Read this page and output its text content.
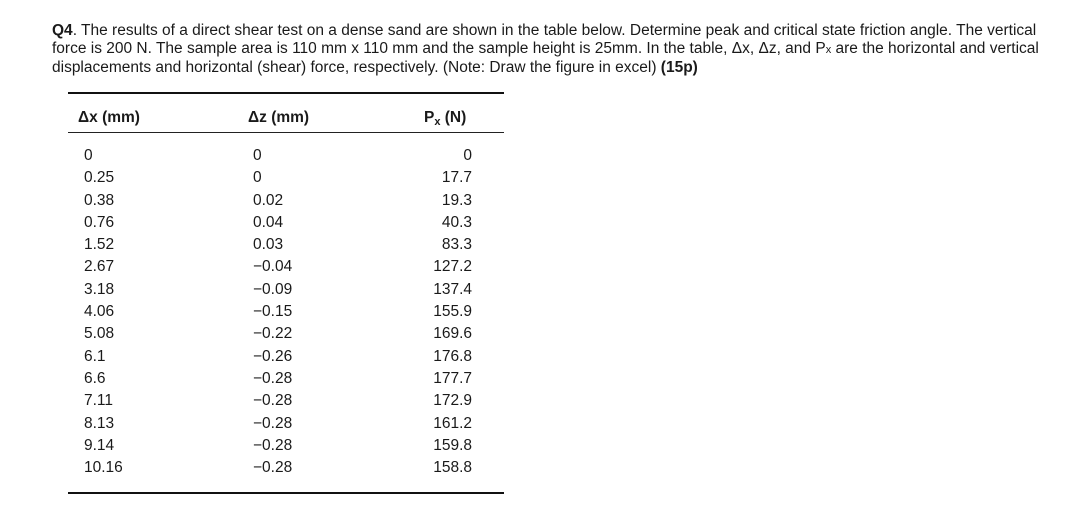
Q4. The results of a direct shear test on a dense sand are shown in the table below. Determine peak and critical state friction angle. The vertical force is 200 N. The sample area is 110 mm x 110 mm and the sample height is 25mm. In the table, Δx, Δz, and Px are the horizontal and vertical displacements and horizontal (shear) force, respectively. (Note: Draw the figure in excel) (15p)
Δx (mm)	Δz (mm)	Px (N)
0	0	0
0.25	0	17.7
0.38	0.02	19.3
0.76	0.04	40.3
1.52	0.03	83.3
2.67	−0.04	127.2
3.18	−0.09	137.4
4.06	−0.15	155.9
5.08	−0.22	169.6
6.1	−0.26	176.8
6.6	−0.28	177.7
7.11	−0.28	172.9
8.13	−0.28	161.2
9.14	−0.28	159.8
10.16	−0.28	158.8
